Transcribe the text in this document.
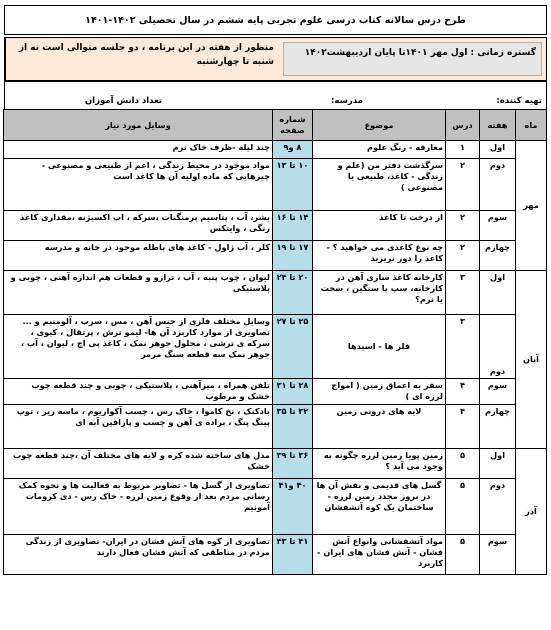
طرح درس سالانه کتاب درسی علوم تجربی پایه ششم در سال تحصیلی ۱۴۰۲-۱۴۰۱
گستره زمانی : اول مهر ۱۴۰۱تا پایان اردیبهشت۱۴۰۲
منظور از هفته در این برنامه ، دو جلسه متوالی است نه از شنبه تا چهارشنبه
تهیه کننده:
مدرسه:
تعداد دانش آموزان
ماه	هفته	درس	موضوع	شماره صفحه	وسایل مورد نیاز
مهر	اول	۱	معارفه - زنگ علوم	۸ و۹	چند لیله -ظرف خاک نرم
	دوم	۲	سرگذشت دفتر من (علم و زندگی - کاغذ، طبیعی یا مصنوعی )	۱۰ تا ۱۳	مواد موجود در محیط زندگی ، اعم از طبیعی و مصنوعی - چیزهایی که ماده اولیه آن ها کاغذ است
	سوم	۲	از درخت تا کاغذ	۱۴ تا ۱۶	بشر، آب ، پتاسیم پرمنگنات ،سرکه ، اب اکسیژنه ،مقداری کاغذ رنگی ، وایتکس
	چهارم	۲	چه نوع کاغذی می خواهید ؟ - کاغذ را دور نریزید	۱۷ تا ۱۹	کلر ، آب ژاول - کاغذ های باطله موجود در خانه و مدرسه
آبان	اول	۳	کارخانه کاغذ سازی آهن در کارخانه، سپ یا سنگین ، سخت یا نرم؟	۲۰ تا ۲۴	لیوان ، چوب پنبه ، آب ، ترازو و قطعات هم اندازه آهنی ، چوبی و پلاستیکی
	دوم	۳	فلز ها - اسیدها	۲۵ تا ۲۷	وسایل مختلف فلزی از جنس آهن ، مس ، سرب ، آلومنیم و ... تصاویری از موارد کاربرد آن ها- لیمو ترش ، پرتقال ، کیوی ، سرکه ی ترشی ، محلول جوهر نمک ، کاغذ پی اچ ، لیوان ، آب ، جوهر نمک سه قطعه سنگ مرمر
	سوم	۴	سفر به اعماق زمین ( امواج لرزه ای )	۲۸ تا ۳۱	تلفن همراه ، میزآهنی ، پلاستیکی ، چوبی و چند قطعه چوب خشک و مرطوب
	چهارم	۴	لایه های درونی زمین	۳۲ تا ۳۵	بادکنک ، نخ کاموا ، خاک رس ، چسب آکواریوم ، ماسه ریز ، توپ پینگ پنگ ، براده ی آهن و چسب و پارافین آبه ای
آذر	اول	۵	زمین پویا زمین لرزه چگونه به وجود می آید ؟	۳۶ تا ۳۹	مدل های ساخته شده کره و لایه های مختلف آن ،چند قطعه چوب خشک
	دوم	۵	گسل های قدیمی و نقش آن ها در بروز مجدد زمین لرزه - ساختمان یک کوه آتشفشان	۴۰ و۴۱	تصاویری از گسل ها - تصاویر مربوط به فعالیت ها و نحوه کمک رسانی مردم بعد از وقوع زمین لرزه - خاک رس - دی کرومات آمونیم
	سوم	۵	مواد آتشفشانی وانواع آتش فشان - آتش فشان های ایران - کاربرد	۴۱ تا ۴۳	تصاویری از کوه های آتش فشان در ایران- تصاویری از زندگی مردم در مناطقی که آتش فشان فعال دارند
